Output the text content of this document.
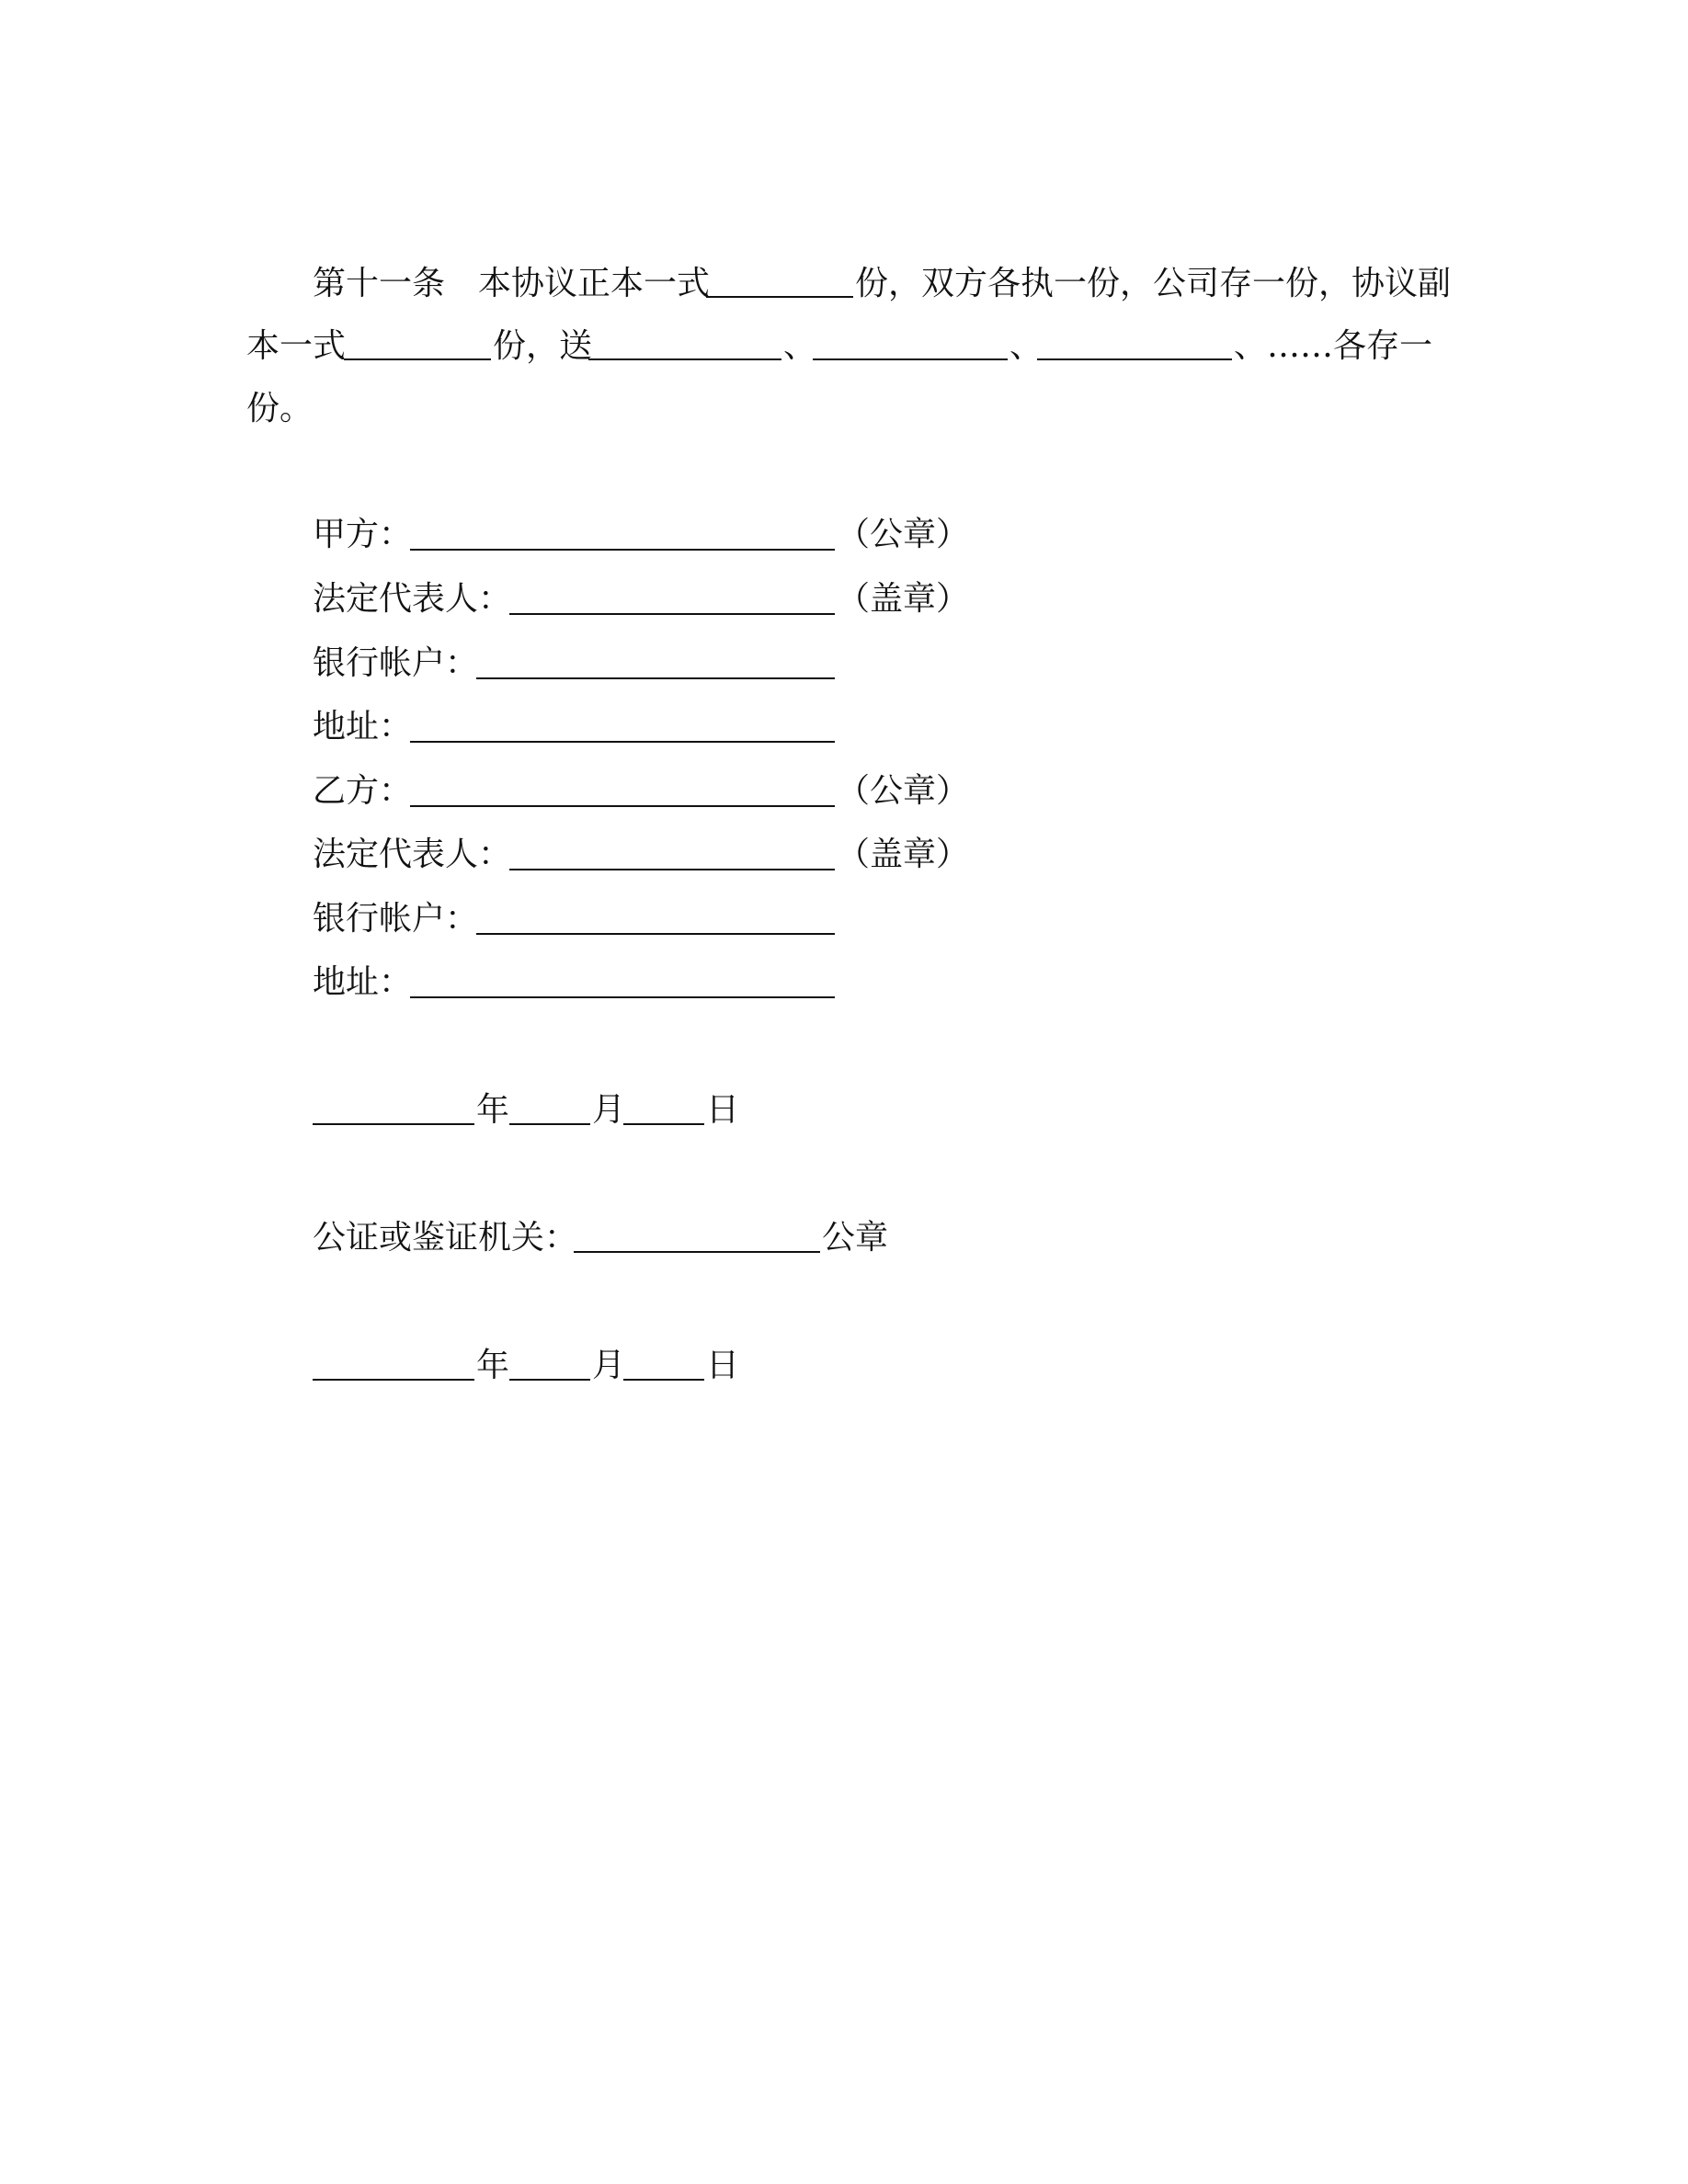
第十一条　本协议正本一式	份，双方各执一份，公司存一份，协议副
本一式	份，送	、	、	、……各存一
份。
甲方：	（公章）
法定代表人：	（盖章）
银行帐户：
地址：
乙方：	（公章）
法定代表人：	（盖章）
银行帐户：
地址：
年 月 日
公证或鉴证机关：	公章
年 月 日
